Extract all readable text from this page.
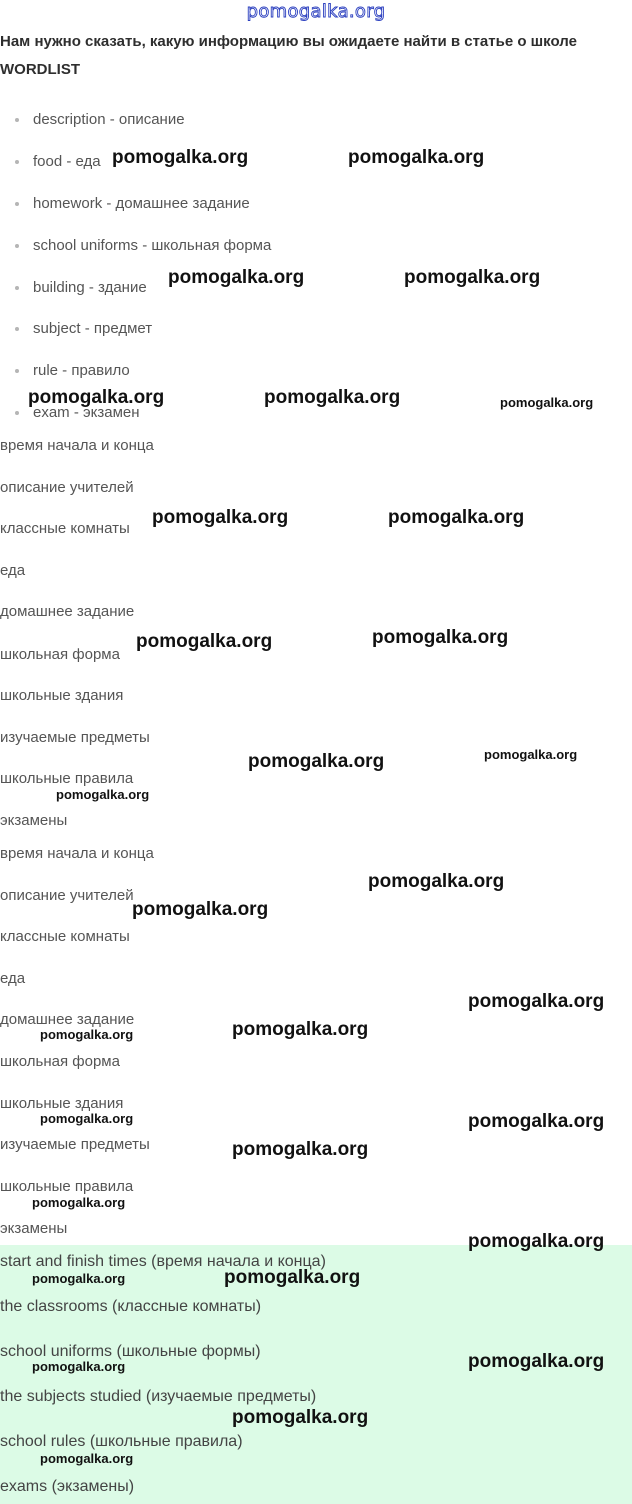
pomogalka.org
Нам нужно сказать, какую информацию вы ожидаете найти в статье о школе
WORDLIST
description - описание
food - еда
homework - домашнее задание
school uniforms - школьная форма
building - здание
subject - предмет
rule - правило
exam - экзамен
время начала и конца
описание учителей
классные комнаты
еда
домашнее задание
школьная форма
школьные здания
изучаемые предметы
школьные правила
экзамены
время начала и конца
описание учителей
классные комнаты
еда
домашнее задание
школьная форма
школьные здания
изучаемые предметы
школьные правила
экзамены
start and finish times (время начала и конца)
the classrooms (классные комнаты)
school uniforms (школьные формы)
the subjects studied (изучаемые предметы)
school rules (школьные правила)
exams (экзамены)
pomogalka.org	pomogalka.org
pomogalka.org	pomogalka.org
pomogalka.org	pomogalka.org	pomogalka.org
pomogalka.org	pomogalka.org
pomogalka.org	pomogalka.org
pomogalka.org	pomogalka.org
pomogalka.org
pomogalka.org
pomogalka.org
pomogalka.org
pomogalka.org
pomogalka.org
pomogalka.org	pomogalka.org
pomogalka.org
pomogalka.org
pomogalka.org
pomogalka.org	pomogalka.org
pomogalka.org	pomogalka.org
pomogalka.org
pomogalka.org
